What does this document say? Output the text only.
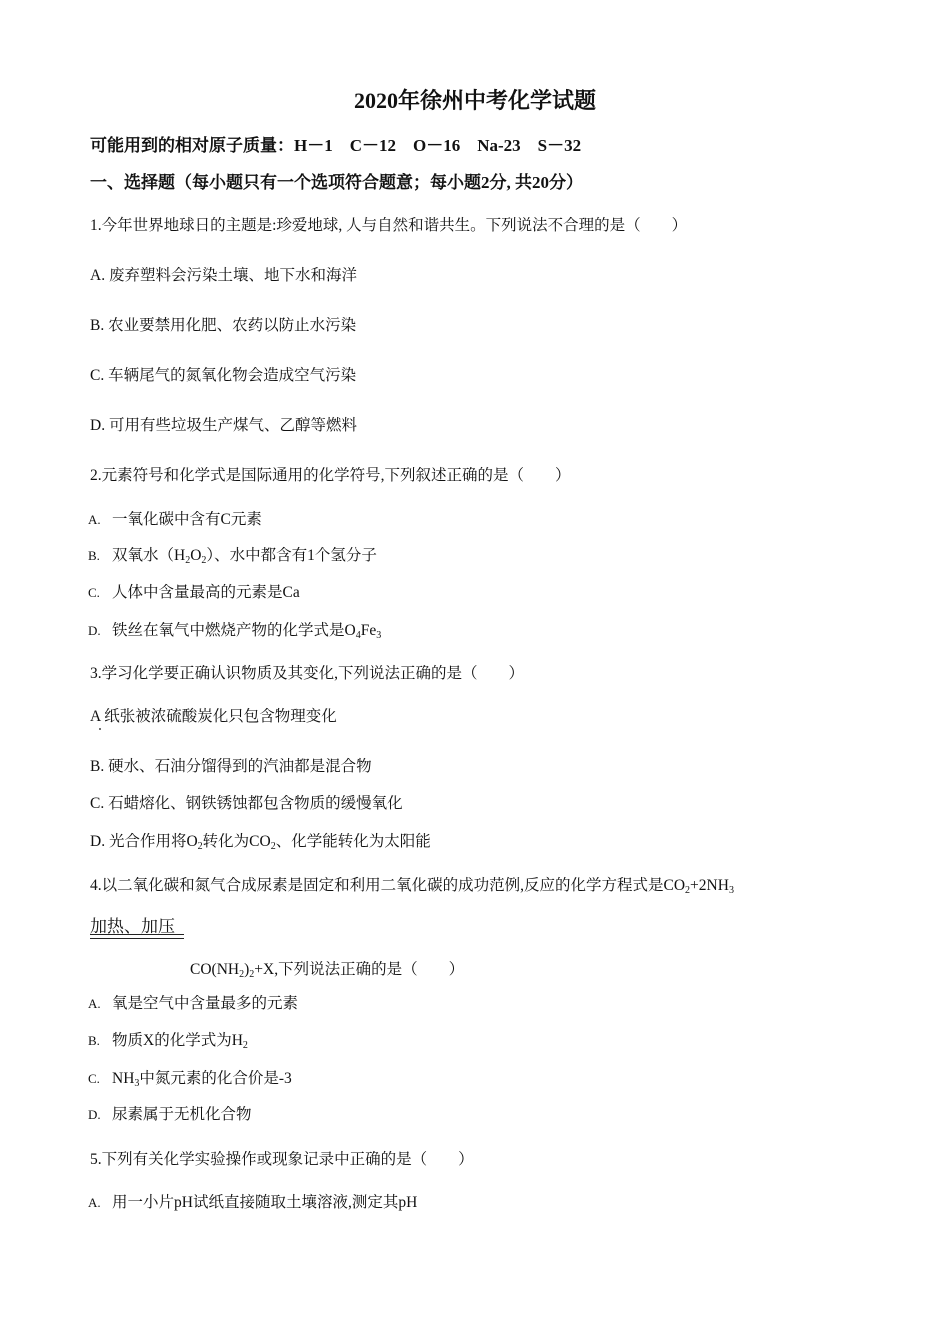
2020年徐州中考化学试题
可能用到的相对原子质量：H－1　C－12　O－16　Na-23　S－32
一、选择题（每小题只有一个选项符合题意；每小题2分, 共20分）
1.今年世界地球日的主题是:珍爱地球, 人与自然和谐共生。下列说法不合理的是（　　）
A. 废弃塑料会污染土壤、地下水和海洋
B. 农业要禁用化肥、农药以防止水污染
C. 车辆尾气的氮氧化物会造成空气污染
D. 可用有些垃圾生产煤气、乙醇等燃料
2.元素符号和化学式是国际通用的化学符号,下列叙述正确的是（　　）
A. 一氧化碳中含有C元素
B. 双氧水$(H_2O_2)$、水中都含有1个氢分子
C. 人体中含量最高的元素是Ca
D. 铁丝在氧气中燃烧产物的化学式是$O_4Fe_3$
3.学习化学要正确认识物质及其变化,下列说法正确的是（　　）
A 纸张被浓硫酸炭化只包含物理变化
B. 硬水、石油分馏得到的汽油都是混合物
C. 石蜡熔化、钢铁锈蚀都包含物质的缓慢氧化
D. 光合作用将$O_2$转化为$CO_2$、化学能转化为太阳能
4.以二氧化碳和氮气合成尿素是固定和利用二氧化碳的成功范例,反应的化学方程式是$CO_2+2NH_3$
加热、加压
$CO(NH_2)_2+X$,下列说法正确的是（　　）
A. 氧是空气中含量最多的元素
B. 物质X的化学式为$H_2$
C. $NH_3$中氮元素的化合价是-3
D. 尿素属于无机化合物
5.下列有关化学实验操作或现象记录中正确的是（　　）
A. 用一小片pH试纸直接随取土壤溶液,测定其pH
